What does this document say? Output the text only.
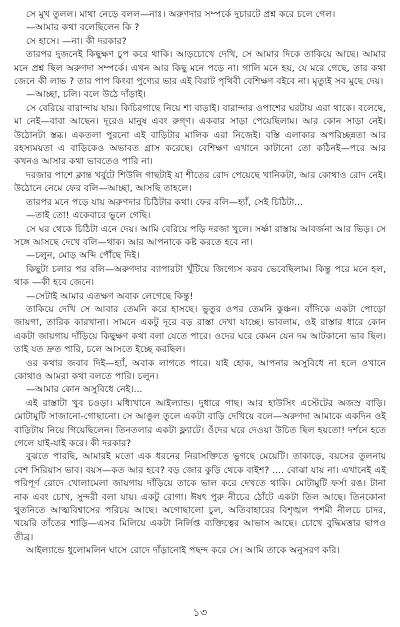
সে মুখ তুলল। মাথা নেড়ে বলল—নাঃ। অরুণদার সম্পর্কে দুচারটে প্রশ্ন করে চলে গেল।

—আমার কথা বলেছিলেন কি ?

সে হাসে। —না। কী দরকার?

তারপর দুজনেই কিছুক্ষণ চুপ করে থাকি। আড়চোখে দেখি, সে আমার দিকে তাকিয়ে আছে। আমার মনে প্রশ্ন ছিল অরুণদা সম্পর্কে। এখন আর কিছু মনে পড়ে না। গালি মনে হয়, যে মরে গেছে, তার কথা জেনে কী লাভ ? তার পাপ কিংবা পুণ্যের ভার এই বিরাট পৃথিবী বেশিক্ষণ বইবে না। মৃত্যুই সব মুছে দেয়।

—আচ্ছা, চলি। বলে উঠে দাঁড়াই।

সে বেরিয়ে বারান্দায় যায়। কিচিরগাছে নিয়ে শা বাড়াই। বারান্দার ওপাশের ঘরটায় এরা থাকে। বলেছে, মা নেই—বাবা আছেন। দূরেও মানুষ এবং রুগ্ণ। একবার সাড়া পেয়েছিলাম। আর কোন সাড়া নেই। উঠোনটা স্তব্ধ। একতলা পুরনো এই বাড়িটার মালিক এরা নিজেই। বস্তি এলাকার অপরিচ্ছন্নতা আর রহস্যময়তা এ বাড়িকেও অভাবত গ্রাস করেছে। বেশিক্ষণ এখানে কাটানো তো কঠিনই—পরে আর কখনও আসার কথা ভাবতেও পারি না।

দরজার পাশে ক্লান্ত খর্বুটে শিউলি গাছটাই যা শীতের রোদ পেয়েছে খানিকটা, আর কোথাও রোদ নেই। উঠোনে নেমে ফের বলি—আচ্ছা, আসছি তাহলে।

তারপর মনে পড়ে যায় অরুণদার চিঠিটার কথা। ফের বলি—হ্যাঁ, সেই চিঠিটা...

—তাই তো! একেবারে ভুলে গেছি।

সে ঘর থেকে চিঠিটা এনে দেয়। আমি বেরিয়ে পড়ি দরজা খুলে। সর্ষ্ণা রাস্তায় আবর্জনা আর ভিড়। সে সঙ্গে আসছে দেখে বলি—থাক। আর আপনাকে কষ্ট করতে হবে না।

—চলুন, মোড় অব্দি পৌঁছে দিই।

কিছুটা চলার পর বলি—অরুণদার ব্যাপারটা খুঁটিয়ে জিগ্যেস করব ভেবেছিলাম। কিন্তু পরে মনে হল, থাক —কী হবে জেনে।

—সেটাই আমার এতক্ষণ অবাক লেগেছে কিন্তু!

তাকিয়ে দেখি সে আবার তেমনি করে হাসছে। ভুতুর ওপর তেমনি কুঞ্চন। বাঁদিকে একটা পোড়ো জায়গা, তারিক কারখানা। সামনে একটু দূরে বড় রাস্তা দেখা যাচ্ছে। ভাবলাম, ওই রাস্তার ধারে কোন একটা জায়গায় দাঁড়িয়ে কিছুক্ষণ কথা বলা যেতে পারে। ওদের ঘরে কেমন যেন দম আটকানো ভাব ছিল। তাই যত দ্রুত পারি, চলে আসতে ইচ্ছে করছিল।

ওর কথার জবাব দিই—হ্যাঁ, অবাক লাগতে পারে। যাই হোক, আপনার অসুবিধে না হলে ওখানে কোথাও আমরা কথা বলতে পারি। চলুন।

—আমার কোন অসুবিধে নেই।...

এই রাস্তাটা খুব চওড়া। মধ্যিখানে আইল্যান্ড। দুধারে গাছ। আর হাউসিং এস্টেটের অজস্র বাড়ি। মোটামুটি সাজানো-গোছানো। সে আঙুল তুলে একটা বাড়ি দেখিয়ে বলে—অরুণদা আমাকে একদিন ওই বাড়িটায় নিয়ে গিয়েছিলেন। তিনতলার একটা ফ্ল্যাটে। ওঁদের ঘরে দেওয়া উচিত ছিল হয়তো! দর্শনে হতে গেলে যাই-যাই করে। কী দরকার?

বুঝতে পারছি, আমারই মতো এক ধরনের নিরাসক্তিতে ভুগছে মেয়েটি। তাকাড়ে, বয়সের তুলনায় বেশ সিরিয়াস ভাব। বয়স—কত আর হবে? বড় জোর কুড়ি থেকে বাইশ? .... বোঝা যায় না। এখানেই এই পরিপূর্ণ রোদে খোলামেলা জায়গায় দাঁড়িয়ে তাকে ভাল করে দেখতে থাকি। মোটামুটি ফর্সা রঙ। টানা নাক এবং চোখ, সুন্দরী বলা যায়। একটু রোগা। ঈষৎ পুরু নীচের ঠোঁটে একটা তিল আছে। তিনকোনা থুতনিতে আত্মবিশ্বাসের পরিচয় আছে। অগোছালো চুল, অতিবাহারের বিশৃঙ্খল পশমী নীলচে চাদর, খয়েরি তাঁতের শাড়ি—এসব মিলিয়ে একটা নির্লিপ্ত ব্যক্তিত্বের আভাস আছে। চোখে বুদ্ধিমত্তার ছাপও তীব্র।

আইল্যান্ডে ধুলোমলিন ঘাসে রোদে দাঁড়ানোই পছন্দ করে সে। আমি তাকে অনুসরণ করি।

১৩
